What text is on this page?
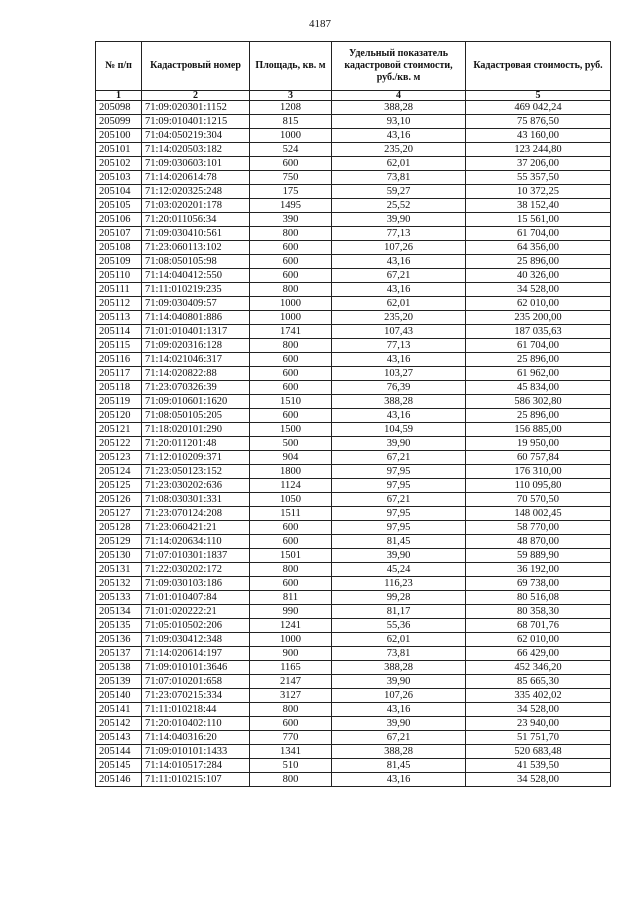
4187
№ п/п	Кадастровый номер	Площадь, кв. м	Удельный показатель кадастровой стоимости, руб./кв. м	Кадастровая стоимость, руб.
1	2	3	4	5
205098	71:09:020301:1152	1208	388,28	469 042,24
205099	71:09:010401:1215	815	93,10	75 876,50
205100	71:04:050219:304	1000	43,16	43 160,00
205101	71:14:020503:182	524	235,20	123 244,80
205102	71:09:030603:101	600	62,01	37 206,00
205103	71:14:020614:78	750	73,81	55 357,50
205104	71:12:020325:248	175	59,27	10 372,25
205105	71:03:020201:178	1495	25,52	38 152,40
205106	71:20:011056:34	390	39,90	15 561,00
205107	71:09:030410:561	800	77,13	61 704,00
205108	71:23:060113:102	600	107,26	64 356,00
205109	71:08:050105:98	600	43,16	25 896,00
205110	71:14:040412:550	600	67,21	40 326,00
205111	71:11:010219:235	800	43,16	34 528,00
205112	71:09:030409:57	1000	62,01	62 010,00
205113	71:14:040801:886	1000	235,20	235 200,00
205114	71:01:010401:1317	1741	107,43	187 035,63
205115	71:09:020316:128	800	77,13	61 704,00
205116	71:14:021046:317	600	43,16	25 896,00
205117	71:14:020822:88	600	103,27	61 962,00
205118	71:23:070326:39	600	76,39	45 834,00
205119	71:09:010601:1620	1510	388,28	586 302,80
205120	71:08:050105:205	600	43,16	25 896,00
205121	71:18:020101:290	1500	104,59	156 885,00
205122	71:20:011201:48	500	39,90	19 950,00
205123	71:12:010209:371	904	67,21	60 757,84
205124	71:23:050123:152	1800	97,95	176 310,00
205125	71:23:030202:636	1124	97,95	110 095,80
205126	71:08:030301:331	1050	67,21	70 570,50
205127	71:23:070124:208	1511	97,95	148 002,45
205128	71:23:060421:21	600	97,95	58 770,00
205129	71:14:020634:110	600	81,45	48 870,00
205130	71:07:010301:1837	1501	39,90	59 889,90
205131	71:22:030202:172	800	45,24	36 192,00
205132	71:09:030103:186	600	116,23	69 738,00
205133	71:01:010407:84	811	99,28	80 516,08
205134	71:01:020222:21	990	81,17	80 358,30
205135	71:05:010502:206	1241	55,36	68 701,76
205136	71:09:030412:348	1000	62,01	62 010,00
205137	71:14:020614:197	900	73,81	66 429,00
205138	71:09:010101:3646	1165	388,28	452 346,20
205139	71:07:010201:658	2147	39,90	85 665,30
205140	71:23:070215:334	3127	107,26	335 402,02
205141	71:11:010218:44	800	43,16	34 528,00
205142	71:20:010402:110	600	39,90	23 940,00
205143	71:14:040316:20	770	67,21	51 751,70
205144	71:09:010101:1433	1341	388,28	520 683,48
205145	71:14:010517:284	510	81,45	41 539,50
205146	71:11:010215:107	800	43,16	34 528,00
